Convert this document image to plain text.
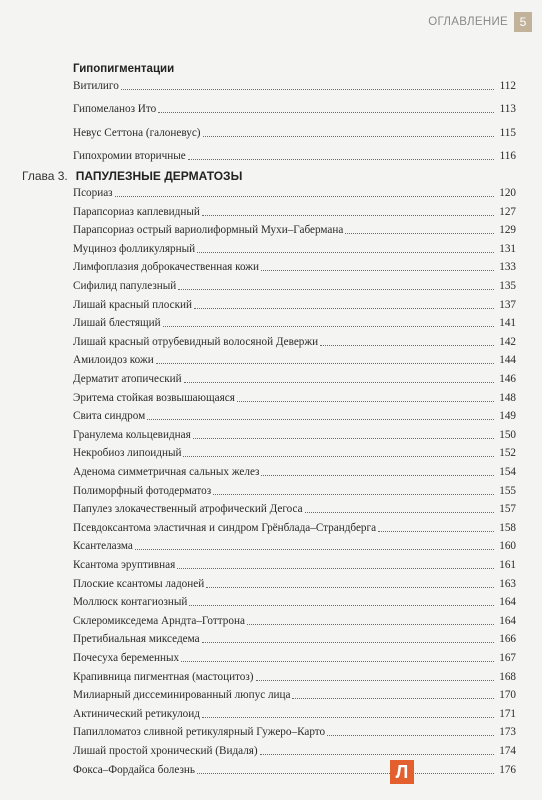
ОГЛАВЛЕНИЕ 5
Гипопигментации
Витилиго	112
Гипомеланоз Ито	113
Невус Сеттона (галоневус)	115
Гипохромии вторичные	116
Глава 3. ПАПУЛЕЗНЫЕ ДЕРМАТОЗЫ
Псориаз	120
Парапсориаз каплевидный	127
Парапсориаз острый вариолиформный Мухи–Габермана	129
Муциноз фолликулярный	131
Лимфоплазия доброкачественная кожи	133
Сифилид папулезный	135
Лишай красный плоский	137
Лишай блестящий	141
Лишай красный отрубевидный волосяной Девержи	142
Амилоидоз кожи	144
Дерматит атопический	146
Эритема стойкая возвышающаяся	148
Свита синдром	149
Гранулема кольцевидная	150
Некробиоз липоидный	152
Аденома симметричная сальных желез	154
Полиморфный фотодерматоз	155
Папулез злокачественный атрофический Дегоса	157
Псевдоксантома эластичная и синдром Грёнблада–Страндберга	158
Ксантелазма	160
Ксантома эруптивная	161
Плоские ксантомы ладоней	163
Моллюск контагиозный	164
Склеромикседема Арндта–Готтрона	164
Претибиальная микседема	166
Почесуха беременных	167
Крапивница пигментная (мастоцитоз)	168
Милиарный диссеминированный люпус лица	170
Актинический ретикулоид	171
Папилломатоз сливной ретикулярный Гужеро–Карто	173
Лишай простой хронический (Видаля)	174
Фокса–Фордайса болезнь	176
Л
